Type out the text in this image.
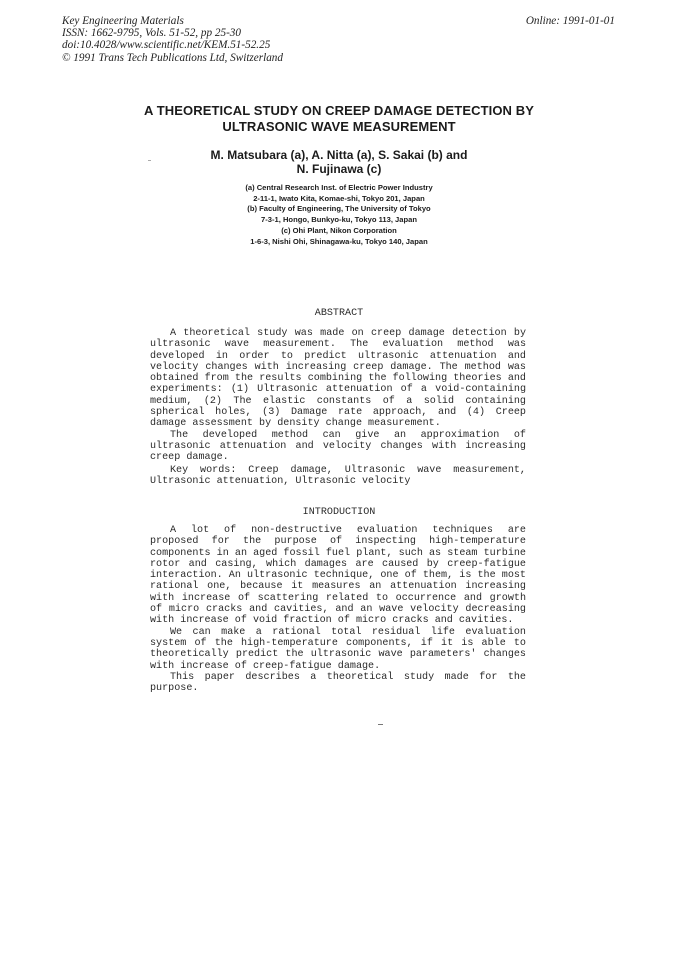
Key Engineering Materials
ISSN: 1662-9795, Vols. 51-52, pp 25-30
doi:10.4028/www.scientific.net/KEM.51-52.25
© 1991 Trans Tech Publications Ltd, Switzerland
Online: 1991-01-01
A THEORETICAL STUDY ON CREEP DAMAGE DETECTION BY
ULTRASONIC WAVE MEASUREMENT
M. Matsubara (a), A. Nitta (a), S. Sakai (b) and
N. Fujinawa (c)
(a) Central Research Inst. of Electric Power Industry
2-11-1, Iwato Kita, Komae-shi, Tokyo 201, Japan
(b) Faculty of Engineering, The University of Tokyo
7-3-1, Hongo, Bunkyo-ku, Tokyo 113, Japan
(c) Ohi Plant, Nikon Corporation
1-6-3, Nishi Ohi, Shinagawa-ku, Tokyo 140, Japan
ABSTRACT

A theoretical study was made on creep damage detection by ultrasonic wave measurement. The evaluation method was developed in order to predict ultrasonic attenuation and velocity changes with increasing creep damage. The method was obtained from the results combining the following theories and experiments: (1) Ultrasonic attenuation of a void-containing medium, (2) The elastic constants of a solid containing spherical holes, (3) Damage rate approach, and (4) Creep damage assessment by density change measurement.

The developed method can give an approximation of ultrasonic attenuation and velocity changes with increasing creep damage.

Key words: Creep damage, Ultrasonic wave measurement, Ultrasonic attenuation, Ultrasonic velocity

INTRODUCTION

A lot of non-destructive evaluation techniques are proposed for the purpose of inspecting high-temperature components in an aged fossil fuel plant, such as steam turbine rotor and casing, which damages are caused by creep-fatigue interaction. An ultrasonic technique, one of them, is the most rational one, because it measures an attenuation increasing with increase of scattering related to occurrence and growth of micro cracks and cavities, and an wave velocity decreasing with increase of void fraction of micro cracks and cavities.

We can make a rational total residual life evaluation system of the high-temperature components, if it is able to theoretically predict the ultrasonic wave parameters' changes with increase of creep-fatigue damage.

This paper describes a theoretical study made for the purpose.
